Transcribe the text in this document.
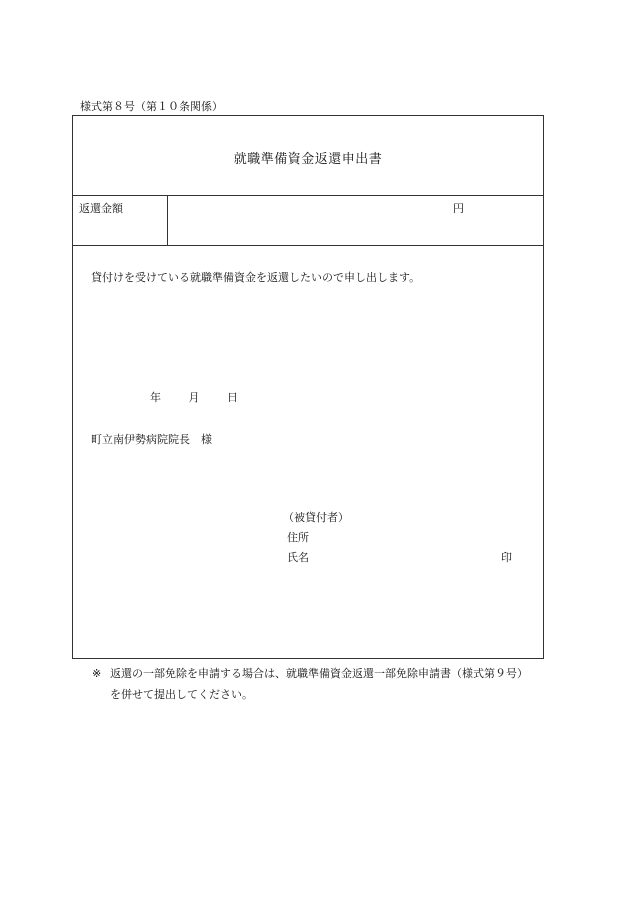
様式第８号（第１０条関係）
就職準備資金返還申出書
返還金額	円
貸付けを受けている就職準備資金を返還したいので申し出します。
年	月	日
町立南伊勢病院院長　様
（被貸付者）
住所
氏名	印
※ 返還の一部免除を申請する場合は、就職準備資金返還一部免除申請書（様式第９号）
を併せて提出してください。
